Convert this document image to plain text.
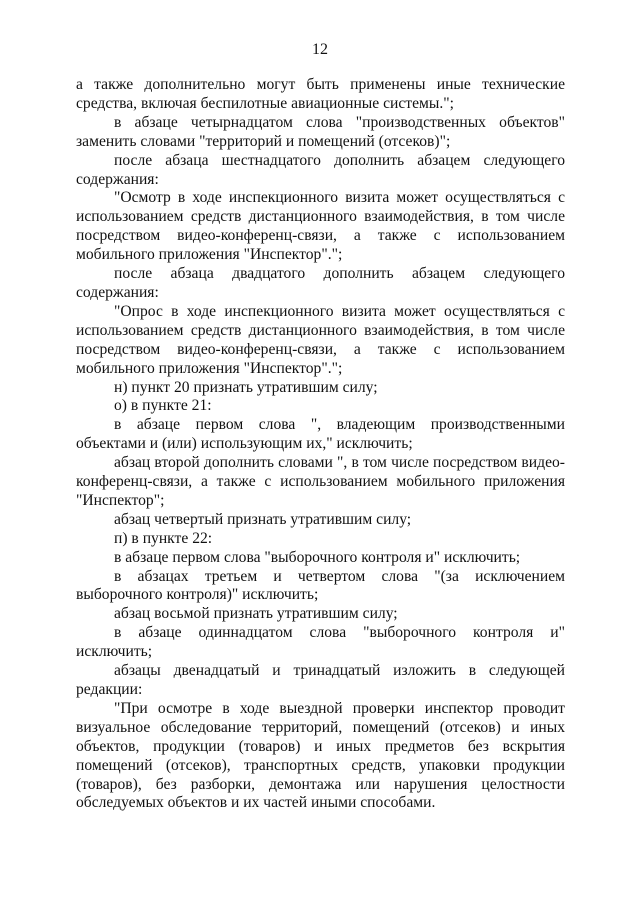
12

а также дополнительно могут быть применены иные технические средства, включая беспилотные авиационные системы.";

в абзаце четырнадцатом слова "производственных объектов" заменить словами "территорий и помещений (отсеков)";

после абзаца шестнадцатого дополнить абзацем следующего содержания:

"Осмотр в ходе инспекционного визита может осуществляться с использованием средств дистанционного взаимодействия, в том числе посредством видео-конференц-связи, а также с использованием мобильного приложения "Инспектор".";

после абзаца двадцатого дополнить абзацем следующего содержания:

"Опрос в ходе инспекционного визита может осуществляться с использованием средств дистанционного взаимодействия, в том числе посредством видео-конференц-связи, а также с использованием мобильного приложения "Инспектор".";

н) пункт 20 признать утратившим силу;

о) в пункте 21:

в абзаце первом слова ", владеющим производственными объектами и (или) использующим их," исключить;

абзац второй дополнить словами ", в том числе посредством видео-конференц-связи, а также с использованием мобильного приложения "Инспектор";

абзац четвертый признать утратившим силу;

п) в пункте 22:

в абзаце первом слова "выборочного контроля и" исключить;

в абзацах третьем и четвертом слова "(за исключением выборочного контроля)" исключить;

абзац восьмой признать утратившим силу;

в абзаце одиннадцатом слова "выборочного контроля и" исключить;

абзацы двенадцатый и тринадцатый изложить в следующей редакции:

"При осмотре в ходе выездной проверки инспектор проводит визуальное обследование территорий, помещений (отсеков) и иных объектов, продукции (товаров) и иных предметов без вскрытия помещений (отсеков), транспортных средств, упаковки продукции (товаров), без разборки, демонтажа или нарушения целостности обследуемых объектов и их частей иными способами.
